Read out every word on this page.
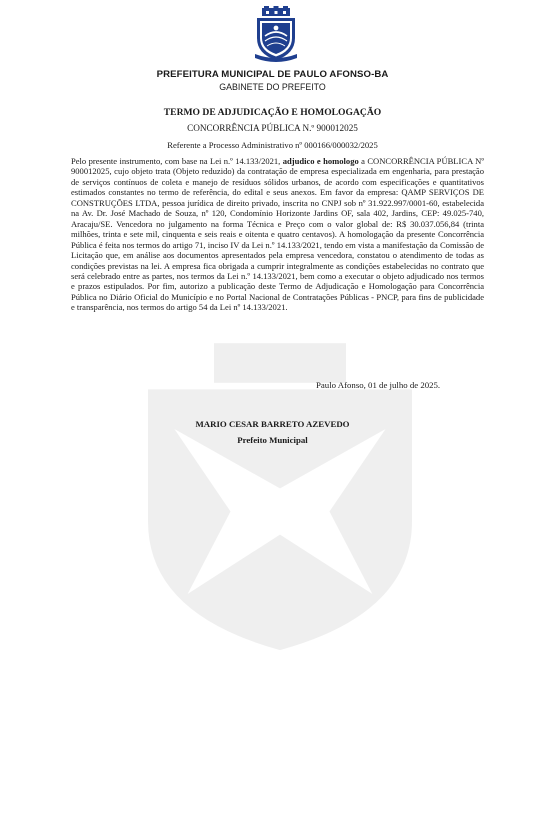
PREFEITURA MUNICIPAL DE PAULO AFONSO-BA
GABINETE DO PREFEITO
TERMO DE ADJUDICAÇÃO E HOMOLOGAÇÃO
CONCORRÊNCIA PÚBLICA N.º 900012025
Referente a Processo Administrativo nº 000166/000032/2025
Pelo presente instrumento, com base na Lei n.º 14.133/2021, adjudico e homologo a CONCORRÊNCIA PÚBLICA Nº 900012025, cujo objeto trata (Objeto reduzido) da contratação de empresa especializada em engenharia, para prestação de serviços contínuos de coleta e manejo de resíduos sólidos urbanos, de acordo com especificações e quantitativos estimados constantes no termo de referência, do edital e seus anexos. Em favor da empresa: QAMP SERVIÇOS DE CONSTRUÇÕES LTDA, pessoa jurídica de direito privado, inscrita no CNPJ sob nº 31.922.997/0001-60, estabelecida na Av. Dr. José Machado de Souza, nº 120, Condomínio Horizonte Jardins OF, sala 402, Jardins, CEP: 49.025-740, Aracaju/SE. Vencedora no julgamento na forma Técnica e Preço com o valor global de: R$ 30.037.056,84 (trinta milhões, trinta e sete mil, cinquenta e seis reais e oitenta e quatro centavos). A homologação da presente Concorrência Pública é feita nos termos do artigo 71, inciso IV da Lei n.º 14.133/2021, tendo em vista a manifestação da Comissão de Licitação que, em análise aos documentos apresentados pela empresa vencedora, constatou o atendimento de todas as condições previstas na lei. A empresa fica obrigada a cumprir integralmente as condições estabelecidas no contrato que será celebrado entre as partes, nos termos da Lei n.º 14.133/2021, bem como a executar o objeto adjudicado nos termos e prazos estipulados. Por fim, autorizo a publicação deste Termo de Adjudicação e Homologação para Concorrência Pública no Diário Oficial do Município e no Portal Nacional de Contratações Públicas - PNCP, para fins de publicidade e transparência, nos termos do artigo 54 da Lei nº 14.133/2021.
Paulo Afonso, 01 de julho de 2025.
MARIO CESAR BARRETO AZEVEDO
Prefeito Municipal
